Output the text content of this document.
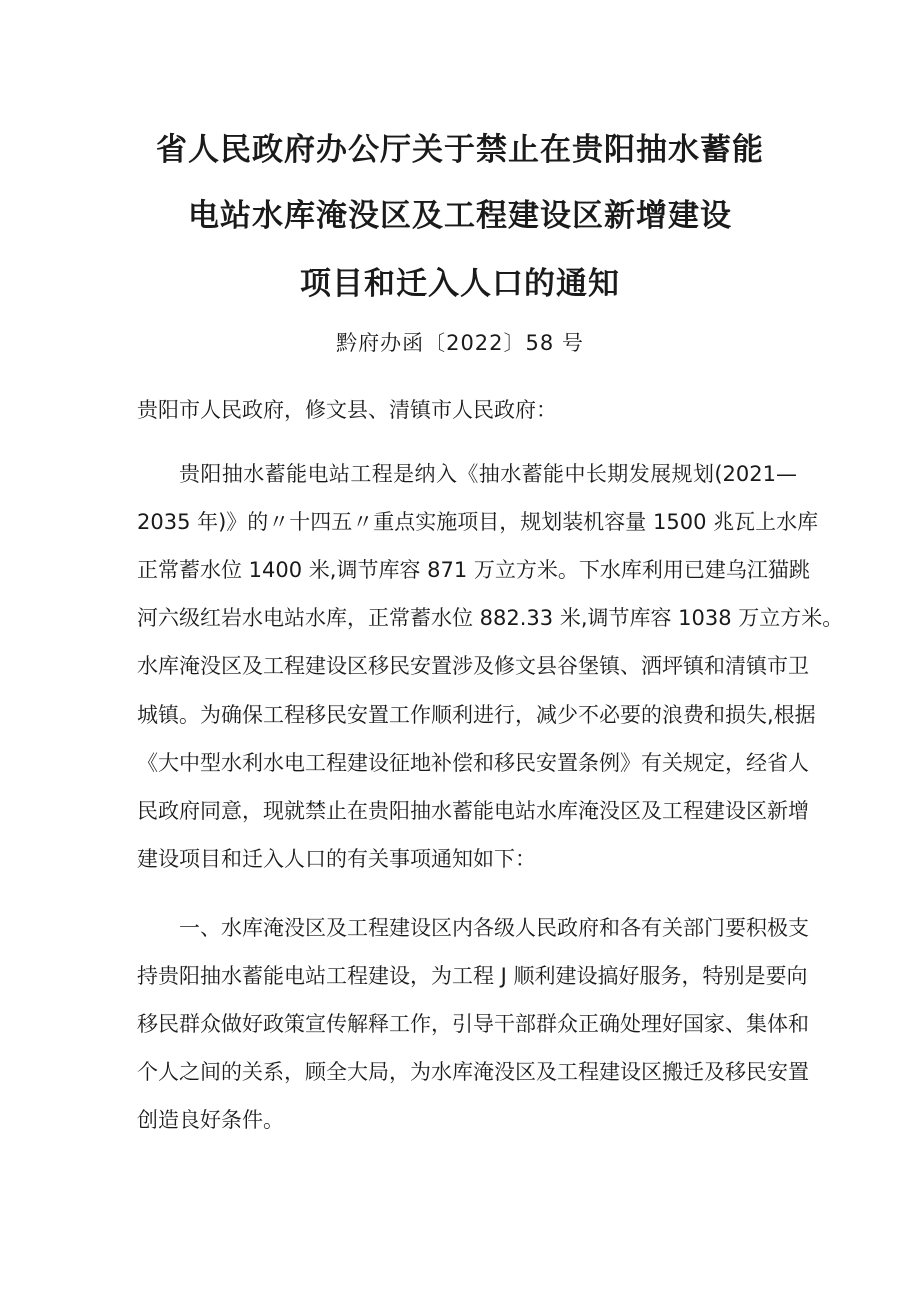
省人民政府办公厅关于禁止在贵阳抽水蓄能
电站水库淹没区及工程建设区新增建设
项目和迁入人口的通知
黔府办函〔2022〕58 号
贵阳市人民政府，修文县、清镇市人民政府：
贵阳抽水蓄能电站工程是纳入《抽水蓄能中长期发展规划(2021—
2035 年)》的〃十四五〃重点实施项目，规划装机容量 1500 兆瓦上水库
正常蓄水位 1400 米,调节库容 871 万立方米。下水库利用已建乌江猫跳
河六级红岩水电站水库，正常蓄水位 882.33 米,调节库容 1038 万立方米。
水库淹没区及工程建设区移民安置涉及修文县谷堡镇、洒坪镇和清镇市卫
城镇。为确保工程移民安置工作顺利进行，减少不必要的浪费和损失,根据
《大中型水利水电工程建设征地补偿和移民安置条例》有关规定，经省人
民政府同意，现就禁止在贵阳抽水蓄能电站水库淹没区及工程建设区新增
建设项目和迁入人口的有关事项通知如下：
一、水库淹没区及工程建设区内各级人民政府和各有关部门要积极支
持贵阳抽水蓄能电站工程建设，为工程 J 顺利建设搞好服务，特别是要向
移民群众做好政策宣传解释工作，引导干部群众正确处理好国家、集体和
个人之间的关系，顾全大局，为水库淹没区及工程建设区搬迁及移民安置
创造良好条件。
